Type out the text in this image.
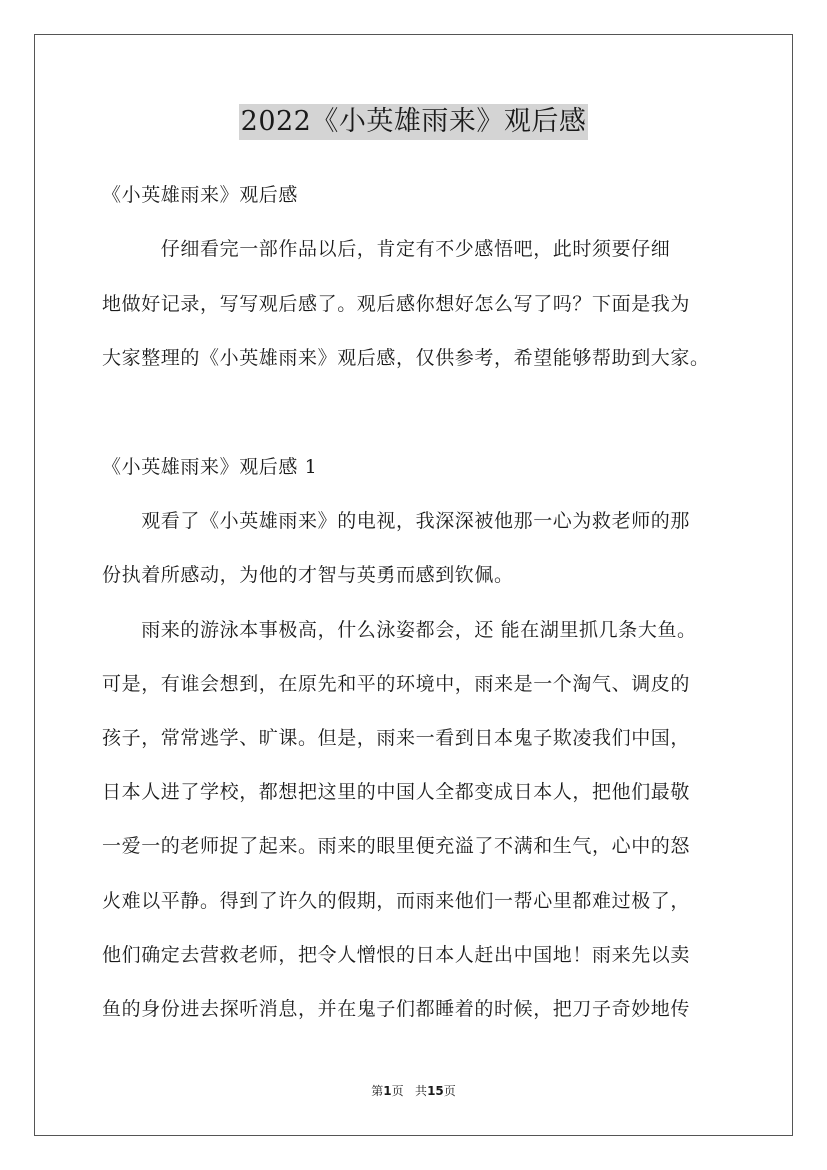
2022《小英雄雨来》观后感
《小英雄雨来》观后感
　　　仔细看完一部作品以后，肯定有不少感悟吧，此时须要仔细
地做好记录，写写观后感了。观后感你想好怎么写了吗？下面是我为
大家整理的《小英雄雨来》观后感，仅供参考，希望能够帮助到大家。
《小英雄雨来》观后感 1
　　观看了《小英雄雨来》的电视，我深深被他那一心为救老师的那
份执着所感动，为他的才智与英勇而感到钦佩。
　　雨来的游泳本事极高，什么泳姿都会，还 能在湖里抓几条大鱼。
可是，有谁会想到，在原先和平的环境中，雨来是一个淘气、调皮的
孩子，常常逃学、旷课。但是，雨来一看到日本鬼子欺凌我们中国，
日本人进了学校，都想把这里的中国人全都变成日本人，把他们最敬
一爱一的老师捉了起来。雨来的眼里便充溢了不满和生气，心中的怒
火难以平静。得到了许久的假期，而雨来他们一帮心里都难过极了，
他们确定去营救老师，把令人憎恨的日本人赶出中国地！雨来先以卖
鱼的身份进去探听消息，并在鬼子们都睡着的时候，把刀子奇妙地传
第1页 共15页
